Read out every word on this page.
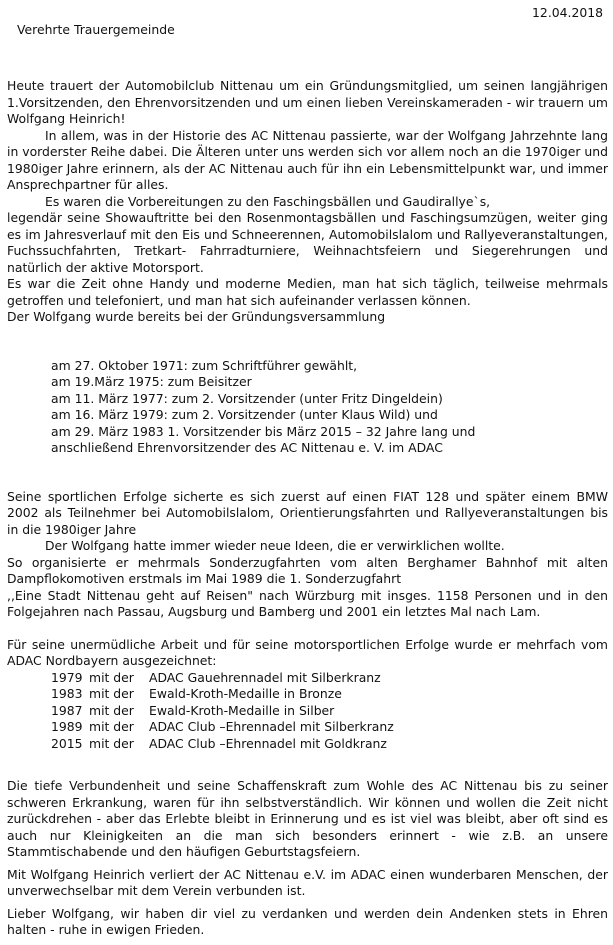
12.04.2018
Verehrte Trauergemeinde

Heute trauert der Automobilclub Nittenau um ein Gründungsmitglied, um seinen langjährigen 1.Vorsitzenden, den Ehrenvorsitzenden und um einen lieben Vereinskameraden - wir trauern um Wolfgang Heinrich!

In allem, was in der Historie des AC Nittenau passierte, war der Wolfgang Jahrzehnte lang in vorderster Reihe dabei. Die Älteren unter uns werden sich vor allem noch an die 1970iger und 1980iger Jahre erinnern, als der AC Nittenau auch für ihn ein Lebensmittelpunkt war, und immer Ansprechpartner für alles.

Es waren die Vorbereitungen zu den Faschingsbällen und Gaudirallye`s,

legendär seine Showauftritte bei den Rosenmontagsbällen und Faschingsumzügen, weiter ging es im Jahresverlauf mit den Eis und Schneerennen, Automobilslalom und Rallyeveranstaltungen, Fuchssuchfahrten, Tretkart- Fahrradturniere, Weihnachtsfeiern und Siegerehrungen und natürlich der aktive Motorsport.

Es war die Zeit ohne Handy und moderne Medien, man hat sich täglich, teilweise mehrmals getroffen und telefoniert, und man hat sich aufeinander verlassen können.

Der Wolfgang wurde bereits bei der Gründungsversammlung

am 27. Oktober 1971: zum Schriftführer gewählt,
am 19.März 1975: zum Beisitzer
am 11. März 1977: zum 2. Vorsitzender (unter Fritz Dingeldein)
am 16. März 1979: zum 2. Vorsitzender (unter Klaus Wild) und
am 29. März 1983 1. Vorsitzender bis März 2015 – 32 Jahre lang und
anschließend Ehrenvorsitzender des AC Nittenau e. V. im ADAC

Seine sportlichen Erfolge sicherte es sich zuerst auf einen FIAT 128 und später einem BMW 2002 als Teilnehmer bei Automobilslalom, Orientierungsfahrten und Rallyeveranstaltungen bis in die 1980iger Jahre

Der Wolfgang hatte immer wieder neue Ideen, die er verwirklichen wollte.

So organisierte er mehrmals Sonderzugfahrten vom alten Berghamer Bahnhof mit alten Dampflokomotiven erstmals im Mai 1989 die 1. Sonderzugfahrt

,,Eine Stadt Nittenau geht auf Reisen" nach Würzburg mit insges. 1158 Personen und in den Folgejahren nach Passau, Augsburg und Bamberg und 2001 ein letztes Mal nach Lam.

Für seine unermüdliche Arbeit und für seine motorsportlichen Erfolge wurde er mehrfach vom ADAC Nordbayern ausgezeichnet:

1979 mit der	ADAC Gauehrennadel mit Silberkranz
1983 mit der	Ewald-Kroth-Medaille in Bronze
1987 mit der	Ewald-Kroth-Medaille in Silber
1989 mit der	ADAC Club –Ehrennadel mit Silberkranz
2015 mit der	ADAC Club –Ehrennadel mit Goldkranz

Die tiefe Verbundenheit und seine Schaffenskraft zum Wohle des AC Nittenau bis zu seiner schweren Erkrankung, waren für ihn selbstverständlich. Wir können und wollen die Zeit nicht zurückdrehen - aber das Erlebte bleibt in Erinnerung und es ist viel was bleibt, aber oft sind es auch nur Kleinigkeiten an die man sich besonders erinnert - wie z.B. an unsere Stammtischabende und den häufigen Geburtstagsfeiern.

Mit Wolfgang Heinrich verliert der AC Nittenau e.V. im ADAC einen wunderbaren Menschen, der unverwechselbar mit dem Verein verbunden ist.

Lieber Wolfgang, wir haben dir viel zu verdanken und werden dein Andenken stets in Ehren halten - ruhe in ewigen Frieden.
